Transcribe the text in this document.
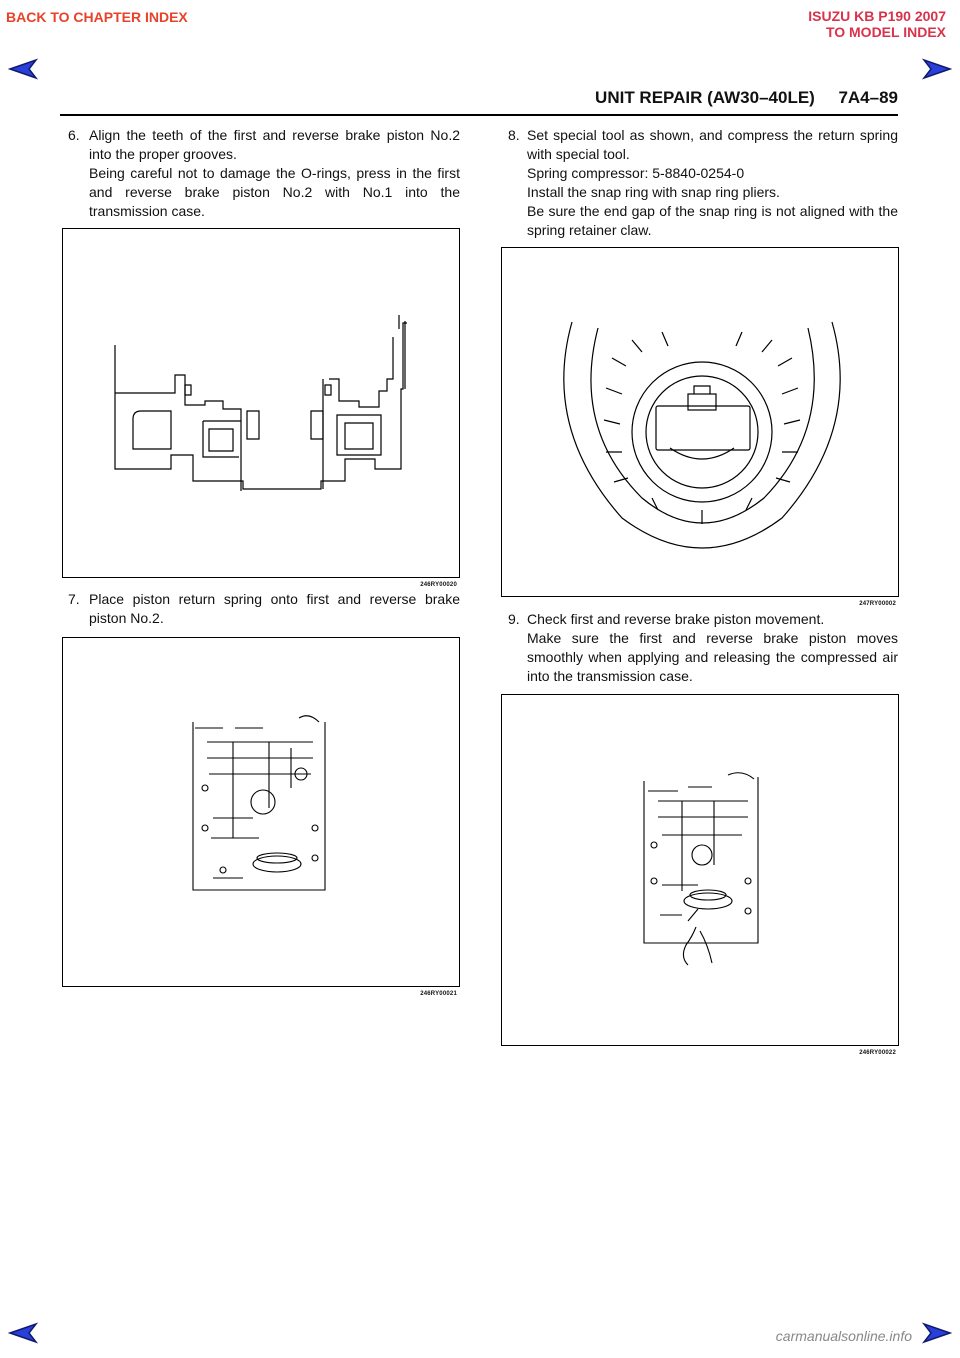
BACK TO CHAPTER INDEX	ISUZU KB P190 2007
TO MODEL INDEX
UNIT REPAIR (AW30–40LE)     7A4–89
6. Align the teeth of the first and reverse brake piston No.2 into the proper grooves.

Being careful not to damage the O-rings, press in the first and reverse brake piston No.2 with No.1 into the transmission case.

246RY00020
7. Place piston return spring onto first and reverse brake piston No.2.

246RY00021
8. Set special tool as shown, and compress the return spring with special tool.

Spring compressor: 5-8840-0254-0

Install the snap ring with snap ring pliers.

Be sure the end gap of the snap ring is not aligned with the spring retainer claw.

247RY00002
9. Check first and reverse brake piston movement.

Make sure the first and reverse brake piston moves smoothly when applying and releasing the compressed air into the transmission case.

246RY00022
carmanualsonline.info
